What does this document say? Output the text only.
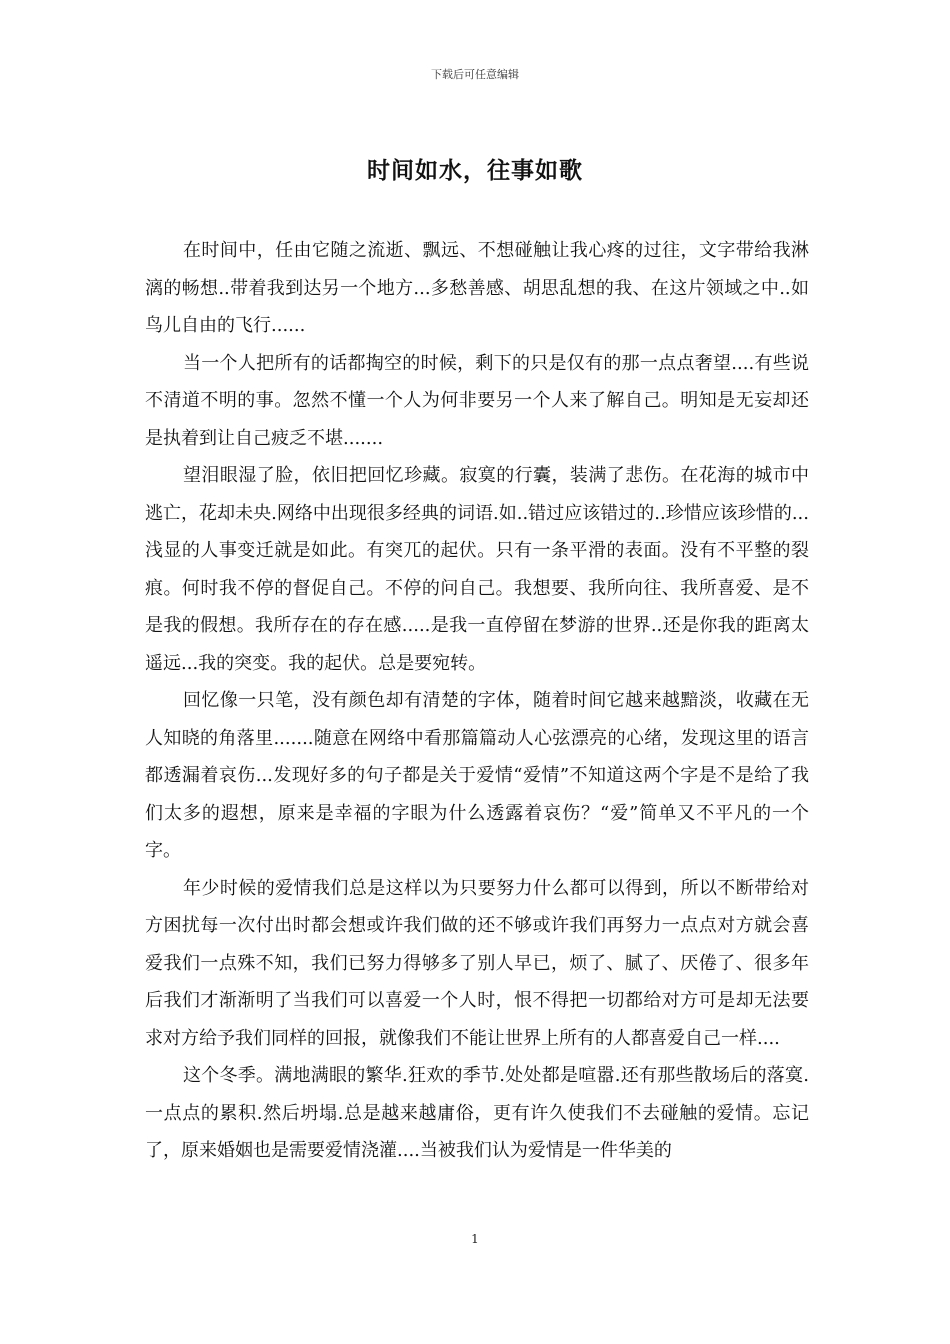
下载后可任意编辑
时间如水，往事如歌

在时间中，任由它随之流逝、飘远、不想碰触让我心疼的过往，文字带给我淋漓的畅想..带着我到达另一个地方...多愁善感、胡思乱想的我、在这片领域之中..如鸟儿自由的飞行......

当一个人把所有的话都掏空的时候，剩下的只是仅有的那一点点奢望....有些说不清道不明的事。忽然不懂一个人为何非要另一个人来了解自己。明知是无妄却还是执着到让自己疲乏不堪.......

望泪眼湿了脸，依旧把回忆珍藏。寂寞的行囊，装满了悲伤。在花海的城市中逃亡，花却未央.网络中出现很多经典的词语.如..错过应该错过的..珍惜应该珍惜的...浅显的人事变迁就是如此。有突兀的起伏。只有一条平滑的表面。没有不平整的裂痕。何时我不停的督促自己。不停的问自己。我想要、我所向往、我所喜爱、是不是我的假想。我所存在的存在感.....是我一直停留在梦游的世界..还是你我的距离太遥远...我的突变。我的起伏。总是要宛转。

回忆像一只笔，没有颜色却有清楚的字体，随着时间它越来越黯淡，收藏在无人知晓的角落里.......随意在网络中看那篇篇动人心弦漂亮的心绪，发现这里的语言都透漏着哀伤...发现好多的句子都是关于爱情“爱情”不知道这两个字是不是给了我们太多的遐想，原来是幸福的字眼为什么透露着哀伤？“爱”简单又不平凡的一个字。

年少时候的爱情我们总是这样以为只要努力什么都可以得到，所以不断带给对方困扰每一次付出时都会想或许我们做的还不够或许我们再努力一点点对方就会喜爱我们一点殊不知，我们已努力得够多了别人早已，烦了、腻了、厌倦了、很多年后我们才渐渐明了当我们可以喜爱一个人时，恨不得把一切都给对方可是却无法要求对方给予我们同样的回报，就像我们不能让世界上所有的人都喜爱自己一样....

这个冬季。满地满眼的繁华.狂欢的季节.处处都是喧嚣.还有那些散场后的落寞.一点点的累积.然后坍塌.总是越来越庸俗，更有许久使我们不去碰触的爱情。忘记了，原来婚姻也是需要爱情浇灌....当被我们认为爱情是一件华美的

1
